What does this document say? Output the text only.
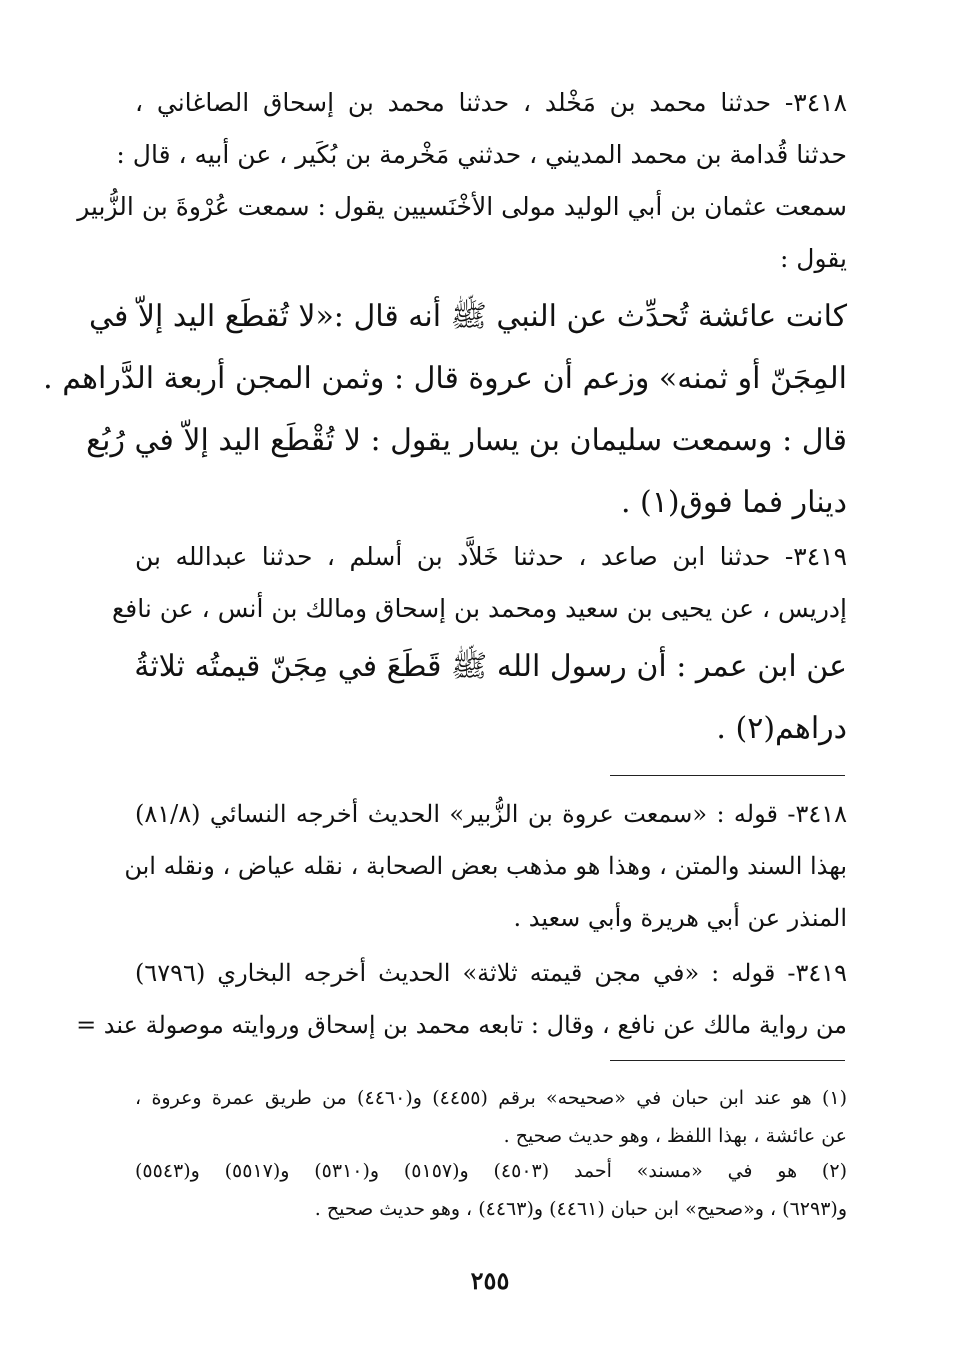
٣٤١٨- حدثنا محمد بن مَخْلد ، حدثنا محمد بن إسحاق الصاغاني ،
حدثنا قُدامة بن محمد المديني ، حدثني مَخْرمة بن بُكَير ، عن أبيه ، قال :
سمعت عثمان بن أبي الوليد مولى الأخْنَسيين يقول : سمعت عُرْوةَ بن الزُّبير
يقول :
كانت عائشة تُحدِّث عن النبي ﷺ أنه قال :«لا تُقطَع اليد إلاّ في
المِجَنّ أو ثمنه» وزعم أن عروة قال : وثمن المجن أربعة الدَّراهم .
قال : وسمعت سليمان بن يسار يقول : لا تُقْطَع اليد إلاّ في رُبُع
دينار فما فوق(١) .
٣٤١٩- حدثنا ابن صاعد ، حدثنا خَلاَّد بن أسلم ، حدثنا عبدالله بن
إدريس ، عن يحيى بن سعيد ومحمد بن إسحاق ومالك بن أنس ، عن نافع
عن ابن عمر : أن رسول الله ﷺ قَطَعَ في مِجَنّ قيمتُه ثلاثةُ
دراهم(٢) .
٣٤١٨- قوله : «سمعت عروة بن الزُّبير» الحديث أخرجه النسائي (٨١/٨)
بهذا السند والمتن ، وهذا هو مذهب بعض الصحابة ، نقله عياض ، ونقله ابن
المنذر عن أبي هريرة وأبي سعيد .
٣٤١٩- قوله : «في مجن قيمته ثلاثة» الحديث أخرجه البخاري (٦٧٩٦)
من رواية مالك عن نافع ، وقال : تابعه محمد بن إسحاق وروايته موصولة عند =
(١) هو عند ابن حبان في «صحيحه» برقم (٤٤٥٥) و(٤٤٦٠) من طريق عمرة وعروة ،
عن عائشة ، بهذا اللفظ ، وهو حديث صحيح .
(٢) هو في «مسند» أحمد (٤٥٠٣) و(٥١٥٧) و(٥٣١٠) و(٥٥١٧) و(٥٥٤٣)
و(٦٢٩٣) ، و«صحيح» ابن حبان (٤٤٦١) و(٤٤٦٣) ، وهو حديث صحيح .
٢٥٥
